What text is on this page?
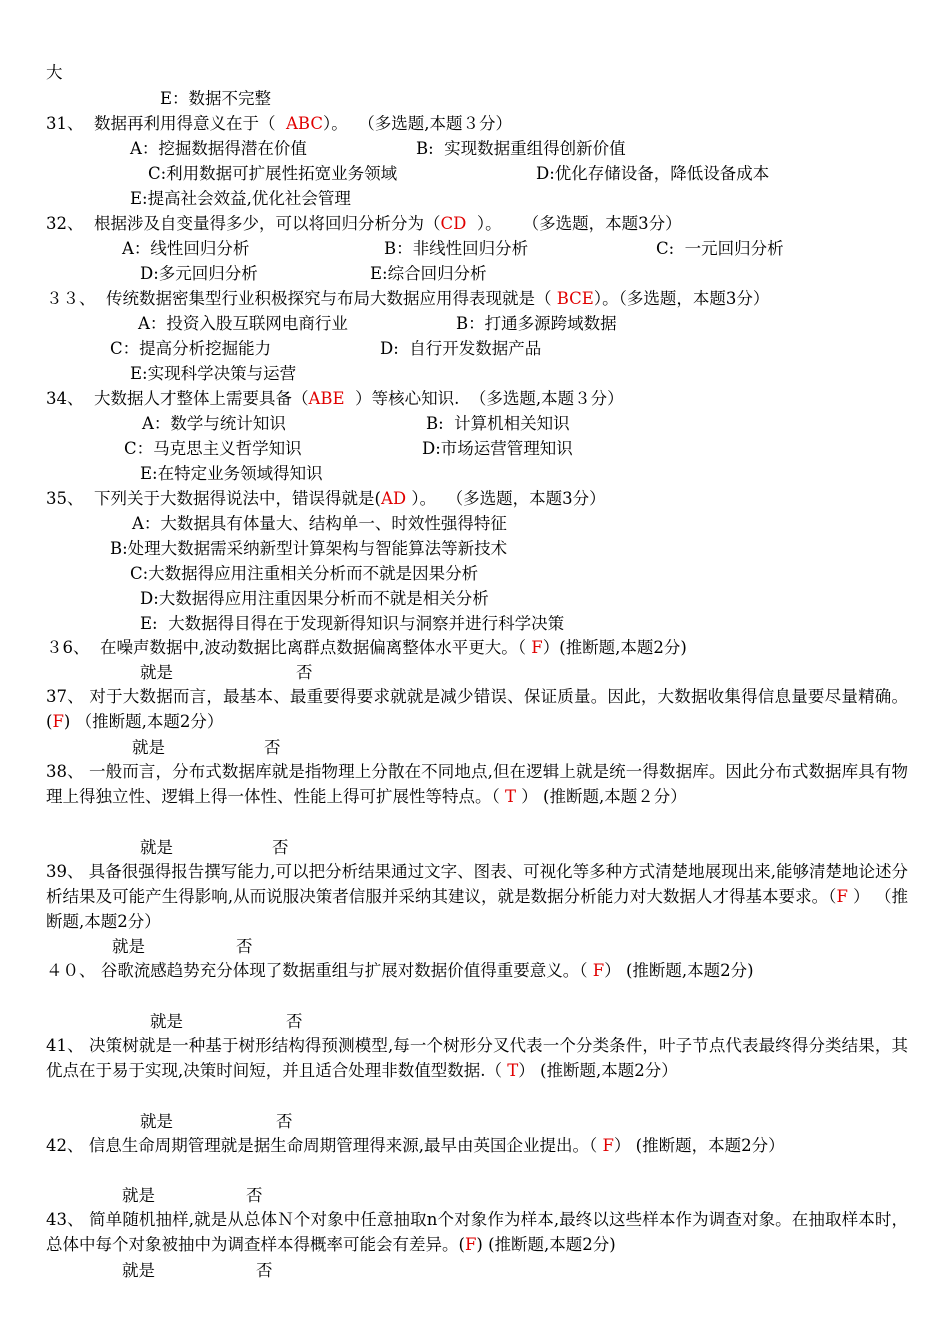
大
E：数据不完整
31、  数据再利用得意义在于（  ABC）。  （多选题,本题３分）
A：挖掘数据得潜在价值	B:  实现数据重组得创新价值
C:利用数据可扩展性拓宽业务领域	D:优化存储设备，降低设备成本
E:提高社会效益,优化社会管理
32、  根据涉及自变量得多少，可以将回归分析分为（CD  ）。    （多选题，本题3分）
A：线性回归分析	B：非线性回归分析	C:  一元回归分析
D:多元回归分析	E:综合回归分析
３３、  传统数据密集型行业积极探究与布局大数据应用得表现就是（ BCE）。（多选题，本题3分）
A：投资入股互联网电商行业	B：打通多源跨域数据
C：提高分析挖掘能力	D:  自行开发数据产品
E:实现科学决策与运营
34、  大数据人才整体上需要具备（ABE  ）等核心知识.  （多选题,本题３分）
A：数学与统计知识	B:  计算机相关知识
C：马克思主义哲学知识	D:市场运营管理知识
E:在特定业务领域得知识
35、  下列关于大数据得说法中，错误得就是(AD ）。  （多选题，本题3分）
A：大数据具有体量大、结构单一、时效性强得特征
B:处理大数据需采纳新型计算架构与智能算法等新技术
C:大数据得应用注重相关分析而不就是因果分析
D:大数据得应用注重因果分析而不就是相关分析
E:  大数据得目得在于发现新得知识与洞察并进行科学决策
３6、  在噪声数据中,波动数据比离群点数据偏离整体水平更大。（ F）(推断题,本题2分)
就是	否
37、 对于大数据而言，最基本、最重要得要求就就是减少错误、保证质量。因此，大数据收集得信息量要尽量精确。(F) （推断题,本题2分）
就是	否
38、 一般而言，分布式数据库就是指物理上分散在不同地点,但在逻辑上就是统一得数据库。因此分布式数据库具有物理上得独立性、逻辑上得一体性、性能上得可扩展性等特点。（ T ） (推断题,本题２分）
就是	否
39、 具备很强得报告撰写能力,可以把分析结果通过文字、图表、可视化等多种方式清楚地展现出来,能够清楚地论述分析结果及可能产生得影响,从而说服决策者信服并采纳其建议，就是数据分析能力对大数据人才得基本要求。（F ） （推断题,本题2分）
就是	否
４０、 谷歌流感趋势充分体现了数据重组与扩展对数据价值得重要意义。（ F） (推断题,本题2分)
就是	否
41、 决策树就是一种基于树形结构得预测模型,每一个树形分叉代表一个分类条件，叶子节点代表最终得分类结果，其优点在于易于实现,决策时间短，并且适合处理非数值型数据.（ T） (推断题,本题2分）
就是	否
42、 信息生命周期管理就是据生命周期管理得来源,最早由英国企业提出。（ F） (推断题，本题2分）
就是	否
43、 简单随机抽样,就是从总体Ｎ个对象中任意抽取n个对象作为样本,最终以这些样本作为调查对象。在抽取样本时，总体中每个对象被抽中为调查样本得概率可能会有差异。(F) (推断题,本题2分)
就是	否
